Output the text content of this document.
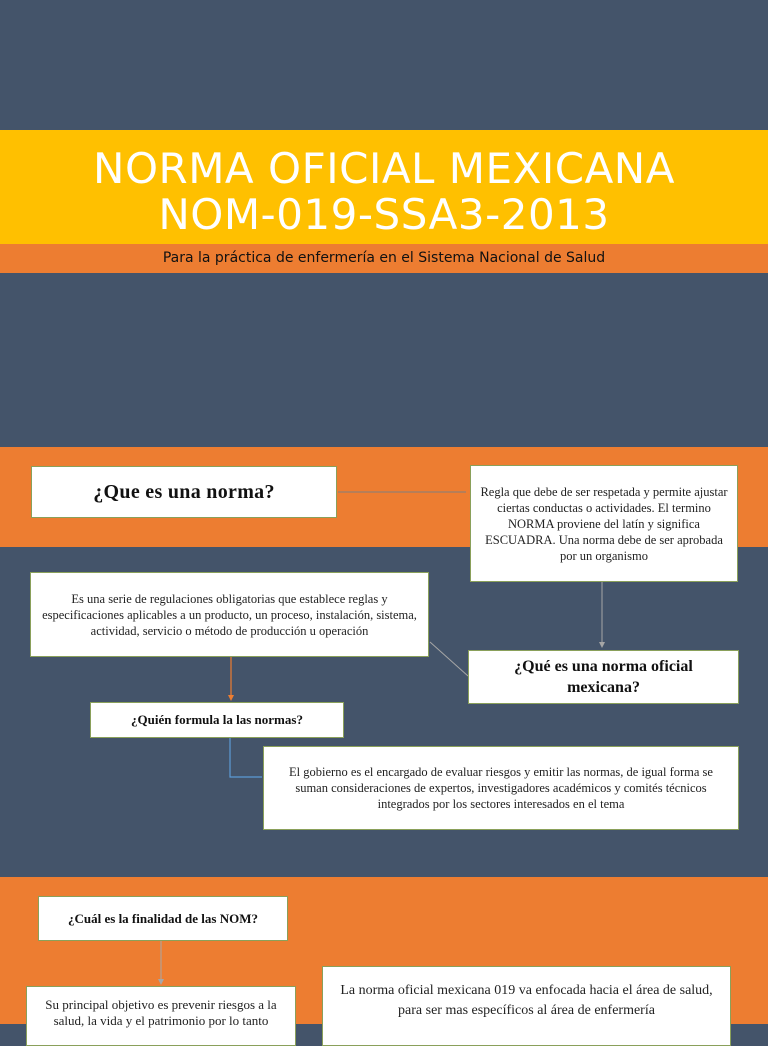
NORMA OFICIAL MEXICANA
NOM-019-SSA3-2013
Para la práctica de enfermería en el Sistema Nacional de Salud
¿Que es una norma?	Regla que debe de ser respetada y permite ajustar ciertas conductas o actividades. El termino NORMA proviene del latín y significa ESCUADRA. Una norma debe de ser aprobada por un organismo
Es una serie de regulaciones obligatorias que establece reglas y especificaciones aplicables a un producto, un proceso, instalación, sistema, actividad, servicio o método de producción u operación
¿Qué es una norma oficial mexicana?
¿Quién formula la las normas?
El gobierno es el encargado de evaluar riesgos y emitir las normas, de igual forma se suman consideraciones de expertos, investigadores académicos y comités técnicos integrados por los sectores interesados en el tema
¿Cuál es la finalidad de las NOM?
Su principal objetivo es prevenir riesgos a la salud, la vida y el patrimonio por lo tanto
La norma oficial mexicana 019 va enfocada hacia el área de salud, para ser mas específicos al área de enfermería
